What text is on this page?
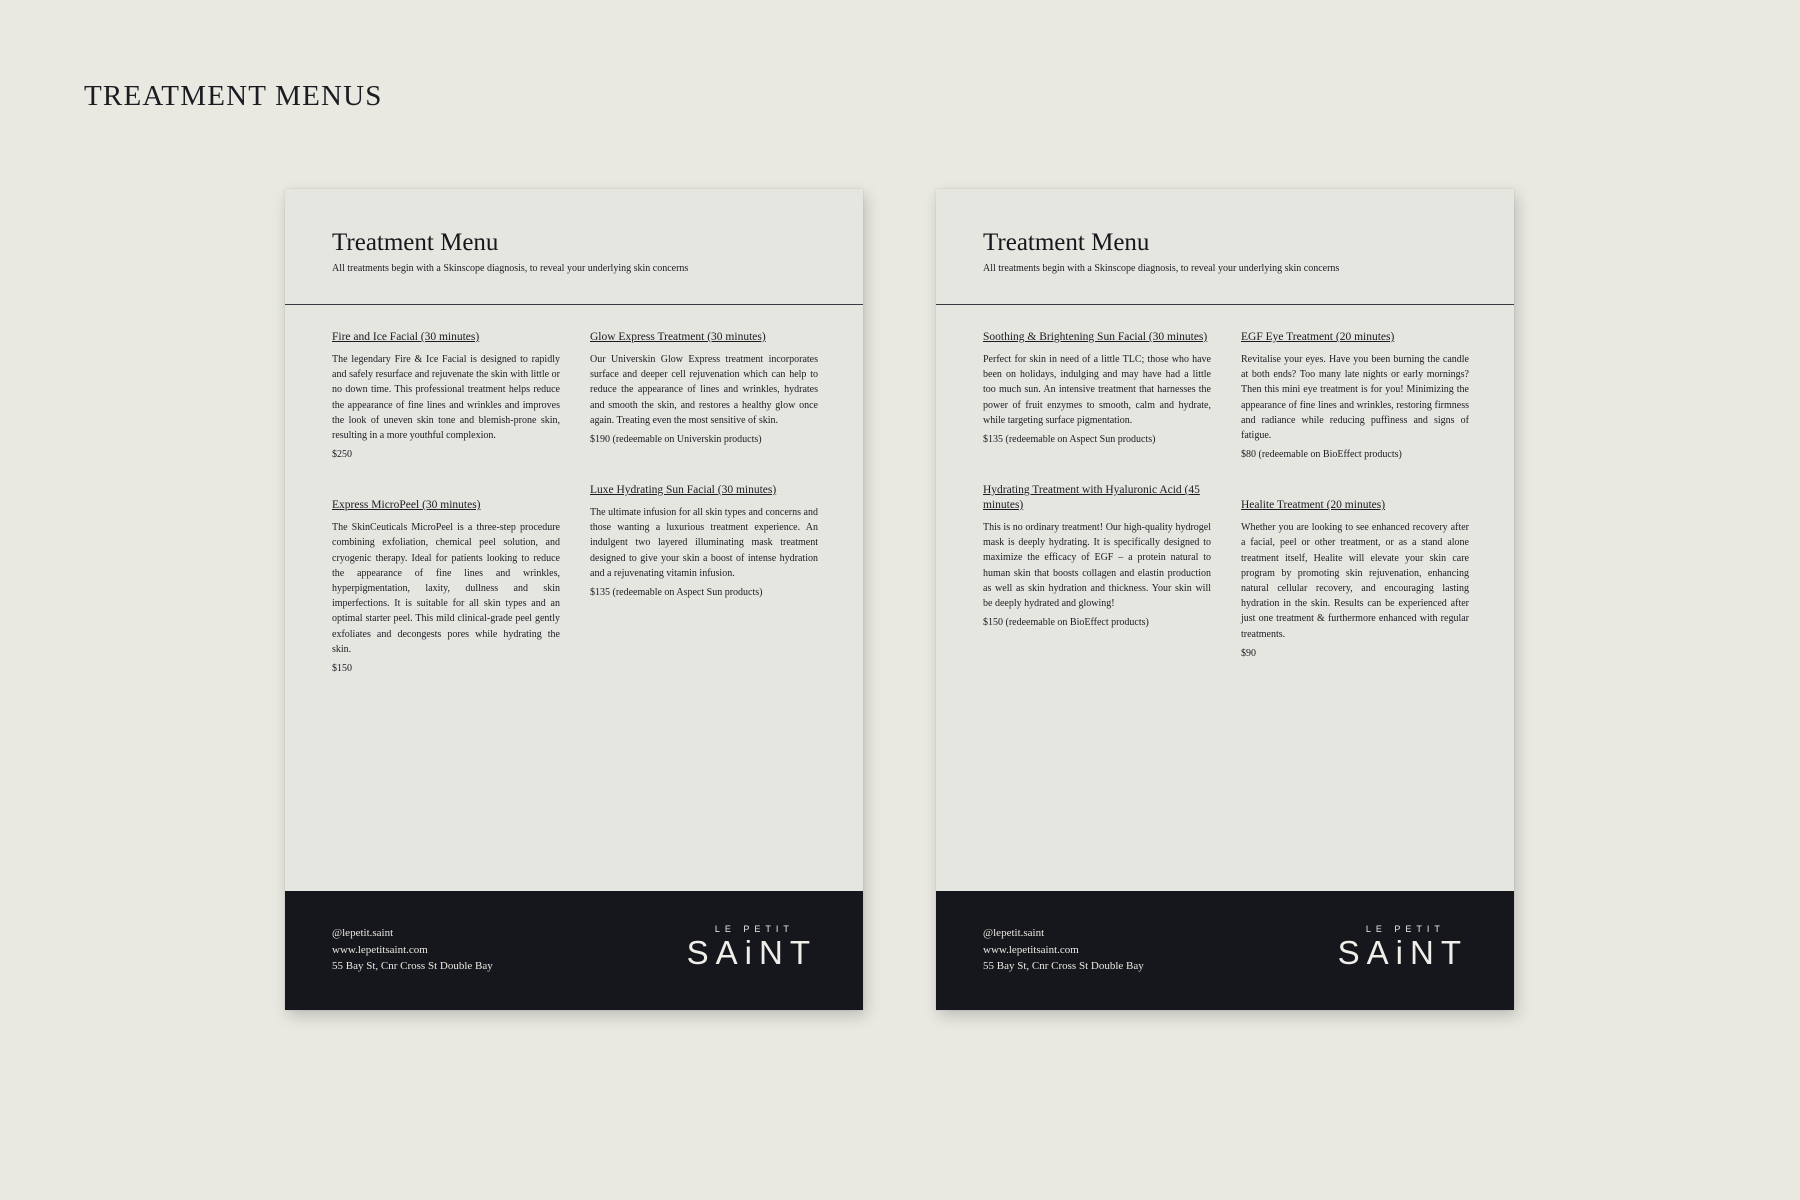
TREATMENT MENUS
Treatment Menu

All treatments begin with a Skinscope diagnosis, to reveal your underlying skin concerns

Fire and Ice Facial (30 minutes)

The legendary Fire & Ice Facial is designed to rapidly and safely resurface and rejuvenate the skin with little or no down time. This professional treatment helps reduce the appearance of fine lines and wrinkles and improves the look of uneven skin tone and blemish-prone skin, resulting in a more youthful complexion.

$250

Express MicroPeel (30 minutes)

The SkinCeuticals MicroPeel is a three-step procedure combining exfoliation, chemical peel solution, and cryogenic therapy. Ideal for patients looking to reduce the appearance of fine lines and wrinkles, hyperpigmentation, laxity, dullness and skin imperfections. It is suitable for all skin types and an optimal starter peel. This mild clinical-grade peel gently exfoliates and decongests pores while hydrating the skin.

$150

Glow Express Treatment (30 minutes)

Our Universkin Glow Express treatment incorporates surface and deeper cell rejuvenation which can help to reduce the appearance of lines and wrinkles, hydrates and smooth the skin, and restores a healthy glow once again. Treating even the most sensitive of skin.

$190 (redeemable on Universkin products)

Luxe Hydrating Sun Facial (30 minutes)

The ultimate infusion for all skin types and concerns and those wanting a luxurious treatment experience. An indulgent two layered illuminating mask treatment designed to give your skin a boost of intense hydration and a rejuvenating vitamin infusion.

$135 (redeemable on Aspect Sun products)

@lepetit.saint
www.lepetitsaint.com
55 Bay St, Cnr Cross St Double Bay
LE PETIT
SAiNT
Treatment Menu

All treatments begin with a Skinscope diagnosis, to reveal your underlying skin concerns

Soothing & Brightening Sun Facial (30 minutes)

Perfect for skin in need of a little TLC; those who have been on holidays, indulging and may have had a little too much sun. An intensive treatment that harnesses the power of fruit enzymes to smooth, calm and hydrate, while targeting surface pigmentation.

$135 (redeemable on Aspect Sun products)

Hydrating Treatment with Hyaluronic Acid (45 minutes)

This is no ordinary treatment! Our high-quality hydrogel mask is deeply hydrating. It is specifically designed to maximize the efficacy of EGF – a protein natural to human skin that boosts collagen and elastin production as well as skin hydration and thickness. Your skin will be deeply hydrated and glowing!

$150 (redeemable on BioEffect products)

EGF Eye Treatment (20 minutes)

Revitalise your eyes. Have you been burning the candle at both ends? Too many late nights or early mornings? Then this mini eye treatment is for you! Minimizing the appearance of fine lines and wrinkles, restoring firmness and radiance while reducing puffiness and signs of fatigue.

$80 (redeemable on BioEffect products)

Healite Treatment (20 minutes)

Whether you are looking to see enhanced recovery after a facial, peel or other treatment, or as a stand alone treatment itself, Healite will elevate your skin care program by promoting skin rejuvenation, enhancing natural cellular recovery, and encouraging lasting hydration in the skin. Results can be experienced after just one treatment & furthermore enhanced with regular treatments.

$90

@lepetit.saint
www.lepetitsaint.com
55 Bay St, Cnr Cross St Double Bay
LE PETIT
SAiNT
